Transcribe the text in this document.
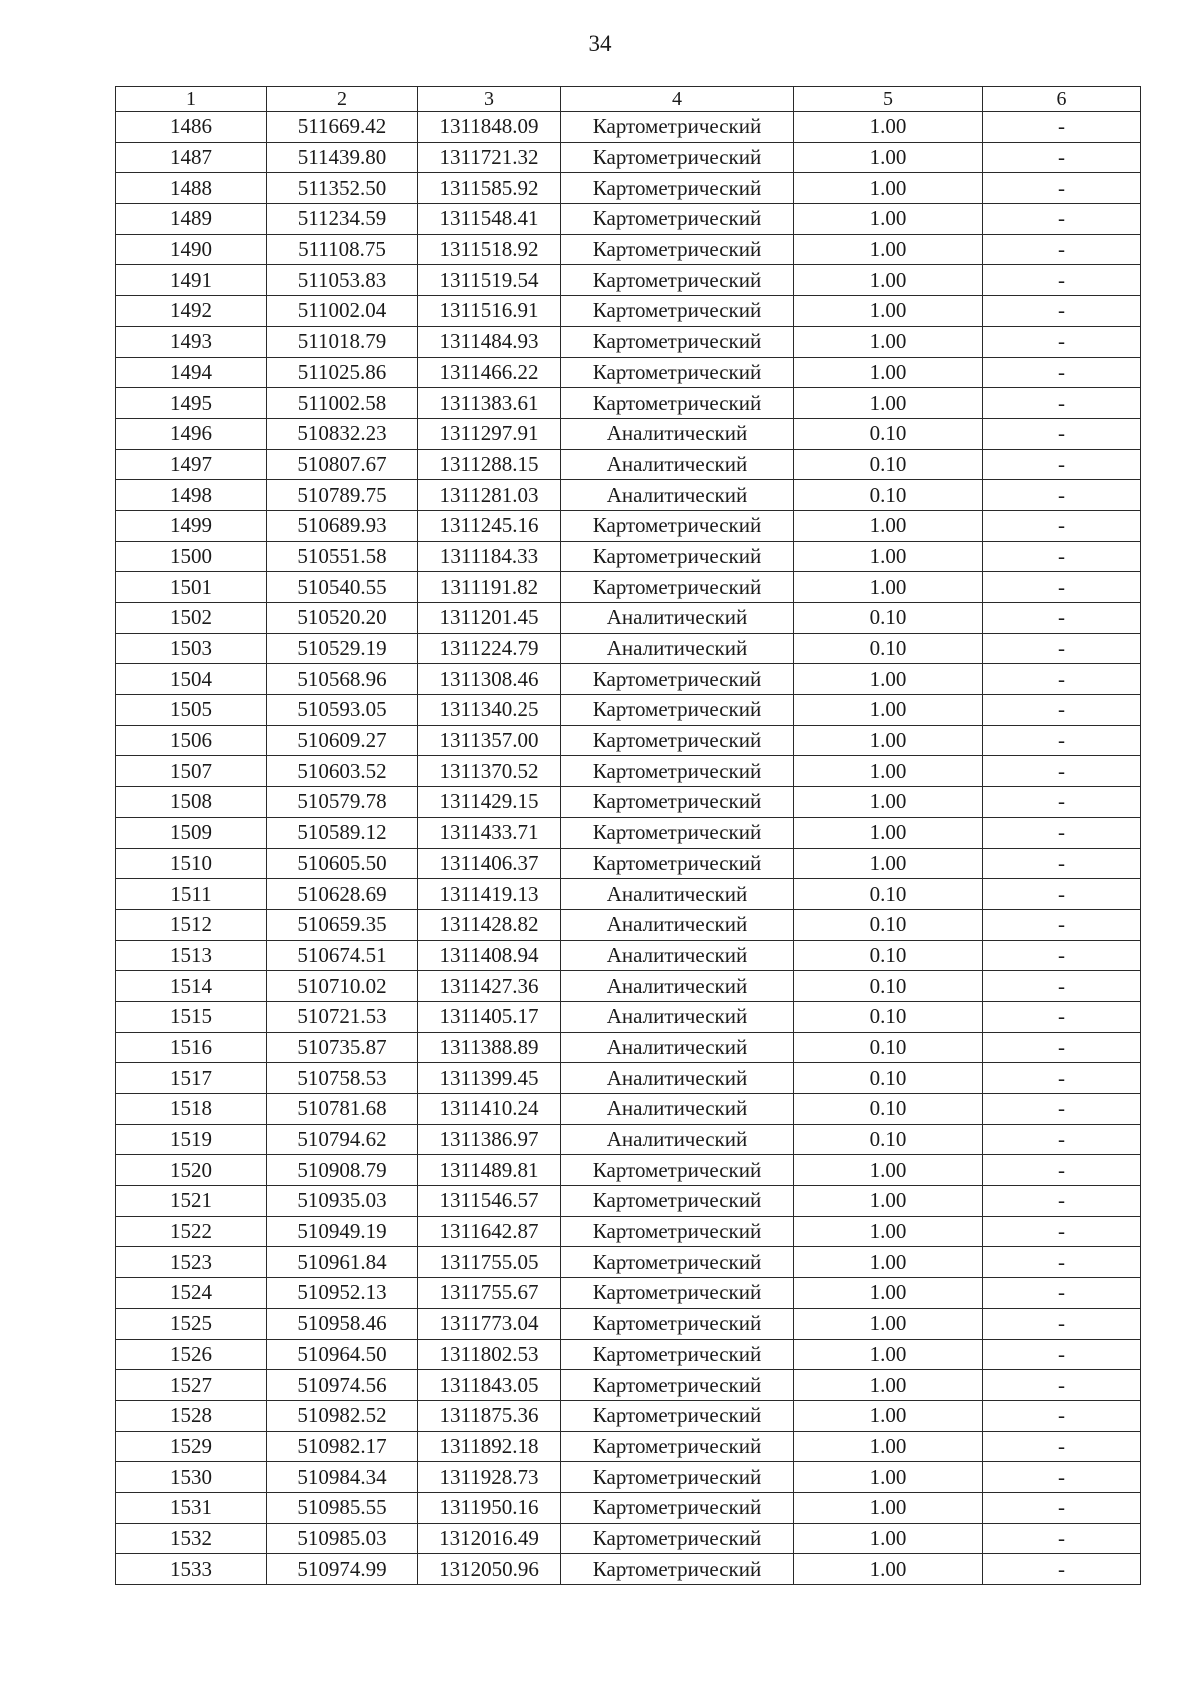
34
1	2	3	4	5	6
1486	511669.42	1311848.09	Картометрический	1.00	-
1487	511439.80	1311721.32	Картометрический	1.00	-
1488	511352.50	1311585.92	Картометрический	1.00	-
1489	511234.59	1311548.41	Картометрический	1.00	-
1490	511108.75	1311518.92	Картометрический	1.00	-
1491	511053.83	1311519.54	Картометрический	1.00	-
1492	511002.04	1311516.91	Картометрический	1.00	-
1493	511018.79	1311484.93	Картометрический	1.00	-
1494	511025.86	1311466.22	Картометрический	1.00	-
1495	511002.58	1311383.61	Картометрический	1.00	-
1496	510832.23	1311297.91	Аналитический	0.10	-
1497	510807.67	1311288.15	Аналитический	0.10	-
1498	510789.75	1311281.03	Аналитический	0.10	-
1499	510689.93	1311245.16	Картометрический	1.00	-
1500	510551.58	1311184.33	Картометрический	1.00	-
1501	510540.55	1311191.82	Картометрический	1.00	-
1502	510520.20	1311201.45	Аналитический	0.10	-
1503	510529.19	1311224.79	Аналитический	0.10	-
1504	510568.96	1311308.46	Картометрический	1.00	-
1505	510593.05	1311340.25	Картометрический	1.00	-
1506	510609.27	1311357.00	Картометрический	1.00	-
1507	510603.52	1311370.52	Картометрический	1.00	-
1508	510579.78	1311429.15	Картометрический	1.00	-
1509	510589.12	1311433.71	Картометрический	1.00	-
1510	510605.50	1311406.37	Картометрический	1.00	-
1511	510628.69	1311419.13	Аналитический	0.10	-
1512	510659.35	1311428.82	Аналитический	0.10	-
1513	510674.51	1311408.94	Аналитический	0.10	-
1514	510710.02	1311427.36	Аналитический	0.10	-
1515	510721.53	1311405.17	Аналитический	0.10	-
1516	510735.87	1311388.89	Аналитический	0.10	-
1517	510758.53	1311399.45	Аналитический	0.10	-
1518	510781.68	1311410.24	Аналитический	0.10	-
1519	510794.62	1311386.97	Аналитический	0.10	-
1520	510908.79	1311489.81	Картометрический	1.00	-
1521	510935.03	1311546.57	Картометрический	1.00	-
1522	510949.19	1311642.87	Картометрический	1.00	-
1523	510961.84	1311755.05	Картометрический	1.00	-
1524	510952.13	1311755.67	Картометрический	1.00	-
1525	510958.46	1311773.04	Картометрический	1.00	-
1526	510964.50	1311802.53	Картометрический	1.00	-
1527	510974.56	1311843.05	Картометрический	1.00	-
1528	510982.52	1311875.36	Картометрический	1.00	-
1529	510982.17	1311892.18	Картометрический	1.00	-
1530	510984.34	1311928.73	Картометрический	1.00	-
1531	510985.55	1311950.16	Картометрический	1.00	-
1532	510985.03	1312016.49	Картометрический	1.00	-
1533	510974.99	1312050.96	Картометрический	1.00	-
